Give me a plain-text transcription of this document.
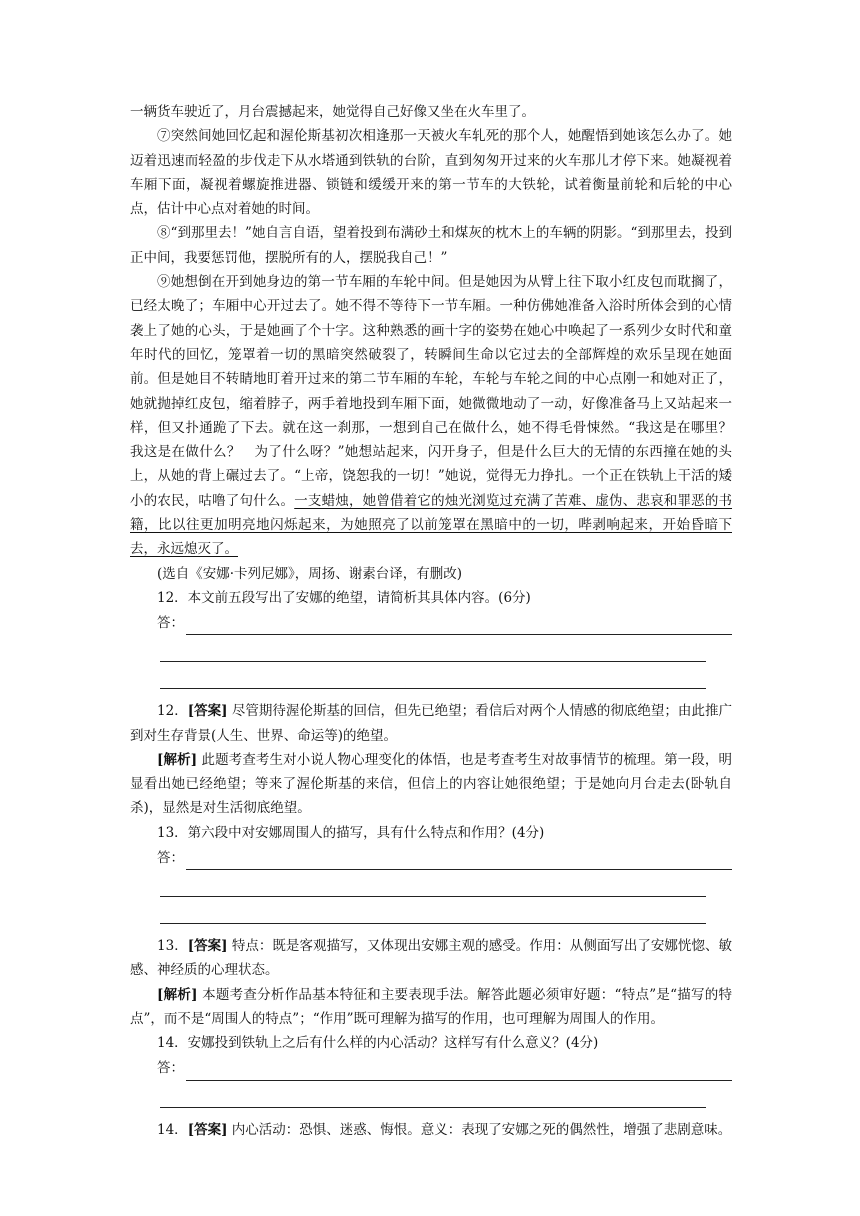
一辆货车驶近了，月台震撼起来，她觉得自己好像又坐在火车里了。

⑦突然间她回忆起和渥伦斯基初次相逢那一天被火车轧死的那个人，她醒悟到她该怎么办了。她迈着迅速而轻盈的步伐走下从水塔通到铁轨的台阶，直到匆匆开过来的火车那儿才停下来。她凝视着车厢下面，凝视着螺旋推进器、锁链和缓缓开来的第一节车的大铁轮，试着衡量前轮和后轮的中心点，估计中心点对着她的时间。

⑧“到那里去！”她自言自语，望着投到布满砂土和煤灰的枕木上的车辆的阴影。“到那里去，投到正中间，我要惩罚他，摆脱所有的人，摆脱我自己！”

⑨她想倒在开到她身边的第一节车厢的车轮中间。但是她因为从臂上往下取小红皮包而耽搁了，已经太晚了；车厢中心开过去了。她不得不等待下一节车厢。一种仿佛她准备入浴时所体会到的心情袭上了她的心头，于是她画了个十字。这种熟悉的画十字的姿势在她心中唤起了一系列少女时代和童年时代的回忆，笼罩着一切的黑暗突然破裂了，转瞬间生命以它过去的全部辉煌的欢乐呈现在她面前。但是她目不转睛地盯着开过来的第二节车厢的车轮，车轮与车轮之间的中心点刚一和她对正了，她就抛掉红皮包，缩着脖子，两手着地投到车厢下面，她微微地动了一动，好像准备马上又站起来一样，但又扑通跪了下去。就在这一刹那，一想到自己在做什么，她不得毛骨悚然。“我这是在哪里？　我这是在做什么？　为了什么呀？”她想站起来，闪开身子，但是什么巨大的无情的东西撞在她的头上，从她的背上碾过去了。“上帝，饶恕我的一切！”她说，觉得无力挣扎。一个正在铁轨上干活的矮小的农民，咕噜了句什么。一支蜡烛，她曾借着它的烛光浏览过充满了苦难、虚伪、悲哀和罪恶的书籍，比以往更加明亮地闪烁起来，为她照亮了以前笼罩在黑暗中的一切，哔剥响起来，开始昏暗下去，永远熄灭了。

(选自《安娜·卡列尼娜》，周扬、谢素台译，有删改)

12．本文前五段写出了安娜的绝望，请简析其具体内容。(6分)

答：

12．[答案] 尽管期待渥伦斯基的回信，但先已绝望；看信后对两个人情感的彻底绝望；由此推广到对生存背景(人生、世界、命运等)的绝望。

[解析] 此题考查考生对小说人物心理变化的体悟，也是考查考生对故事情节的梳理。第一段，明显看出她已经绝望；等来了渥伦斯基的来信，但信上的内容让她很绝望；于是她向月台走去(卧轨自杀)，显然是对生活彻底绝望。

13．第六段中对安娜周围人的描写，具有什么特点和作用？(4分)

答：

13．[答案] 特点：既是客观描写，又体现出安娜主观的感受。作用：从侧面写出了安娜恍惚、敏感、神经质的心理状态。

[解析] 本题考查分析作品基本特征和主要表现手法。解答此题必须审好题：“特点”是“描写的特点”，而不是“周围人的特点”；“作用”既可理解为描写的作用，也可理解为周围人的作用。

14．安娜投到铁轨上之后有什么样的内心活动？这样写有什么意义？(4分)

答：

14．[答案] 内心活动：恐惧、迷惑、悔恨。意义：表现了安娜之死的偶然性，增强了悲剧意味。
